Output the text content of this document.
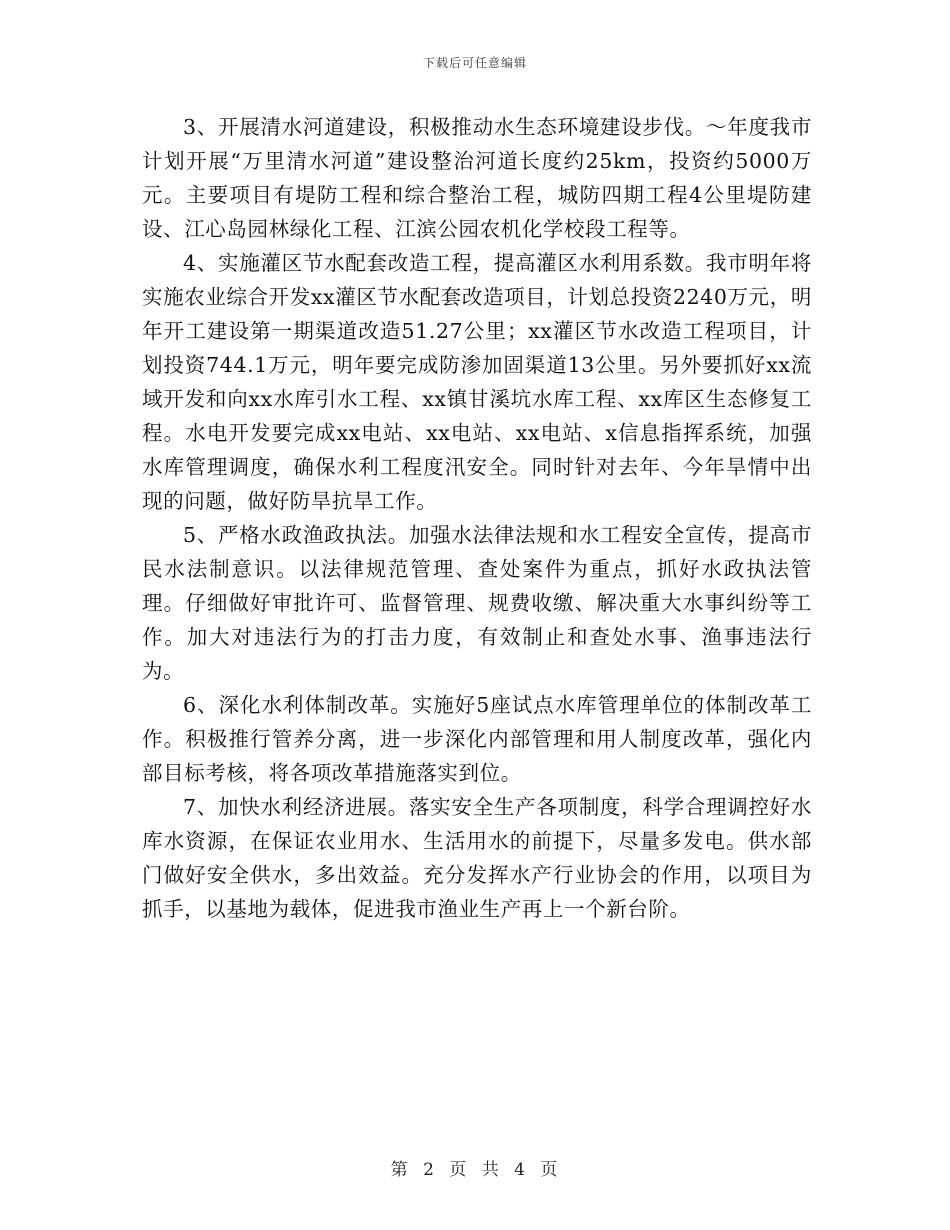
下载后可任意编辑

3、开展清水河道建设，积极推动水生态环境建设步伐。～年度我市计划开展“万里清水河道”建设整治河道长度约25km，投资约5000万元。主要项目有堤防工程和综合整治工程，城防四期工程4公里堤防建设、江心岛园林绿化工程、江滨公园农机化学校段工程等。

4、实施灌区节水配套改造工程，提高灌区水利用系数。我市明年将实施农业综合开发xx灌区节水配套改造项目，计划总投资2240万元，明年开工建设第一期渠道改造51.27公里；xx灌区节水改造工程项目，计划投资744.1万元，明年要完成防渗加固渠道13公里。另外要抓好xx流域开发和向xx水库引水工程、xx镇甘溪坑水库工程、xx库区生态修复工程。水电开发要完成xx电站、xx电站、xx电站、x信息指挥系统，加强水库管理调度，确保水利工程度汛安全。同时针对去年、今年旱情中出现的问题，做好防旱抗旱工作。

5、严格水政渔政执法。加强水法律法规和水工程安全宣传，提高市民水法制意识。以法律规范管理、查处案件为重点，抓好水政执法管理。仔细做好审批许可、监督管理、规费收缴、解决重大水事纠纷等工作。加大对违法行为的打击力度，有效制止和查处水事、渔事违法行为。

6、深化水利体制改革。实施好5座试点水库管理单位的体制改革工作。积极推行管养分离，进一步深化内部管理和用人制度改革，强化内部目标考核，将各项改革措施落实到位。

7、加快水利经济进展。落实安全生产各项制度，科学合理调控好水库水资源，在保证农业用水、生活用水的前提下，尽量多发电。供水部门做好安全供水，多出效益。充分发挥水产行业协会的作用，以项目为抓手，以基地为载体，促进我市渔业生产再上一个新台阶。

第 2 页 共 4 页
